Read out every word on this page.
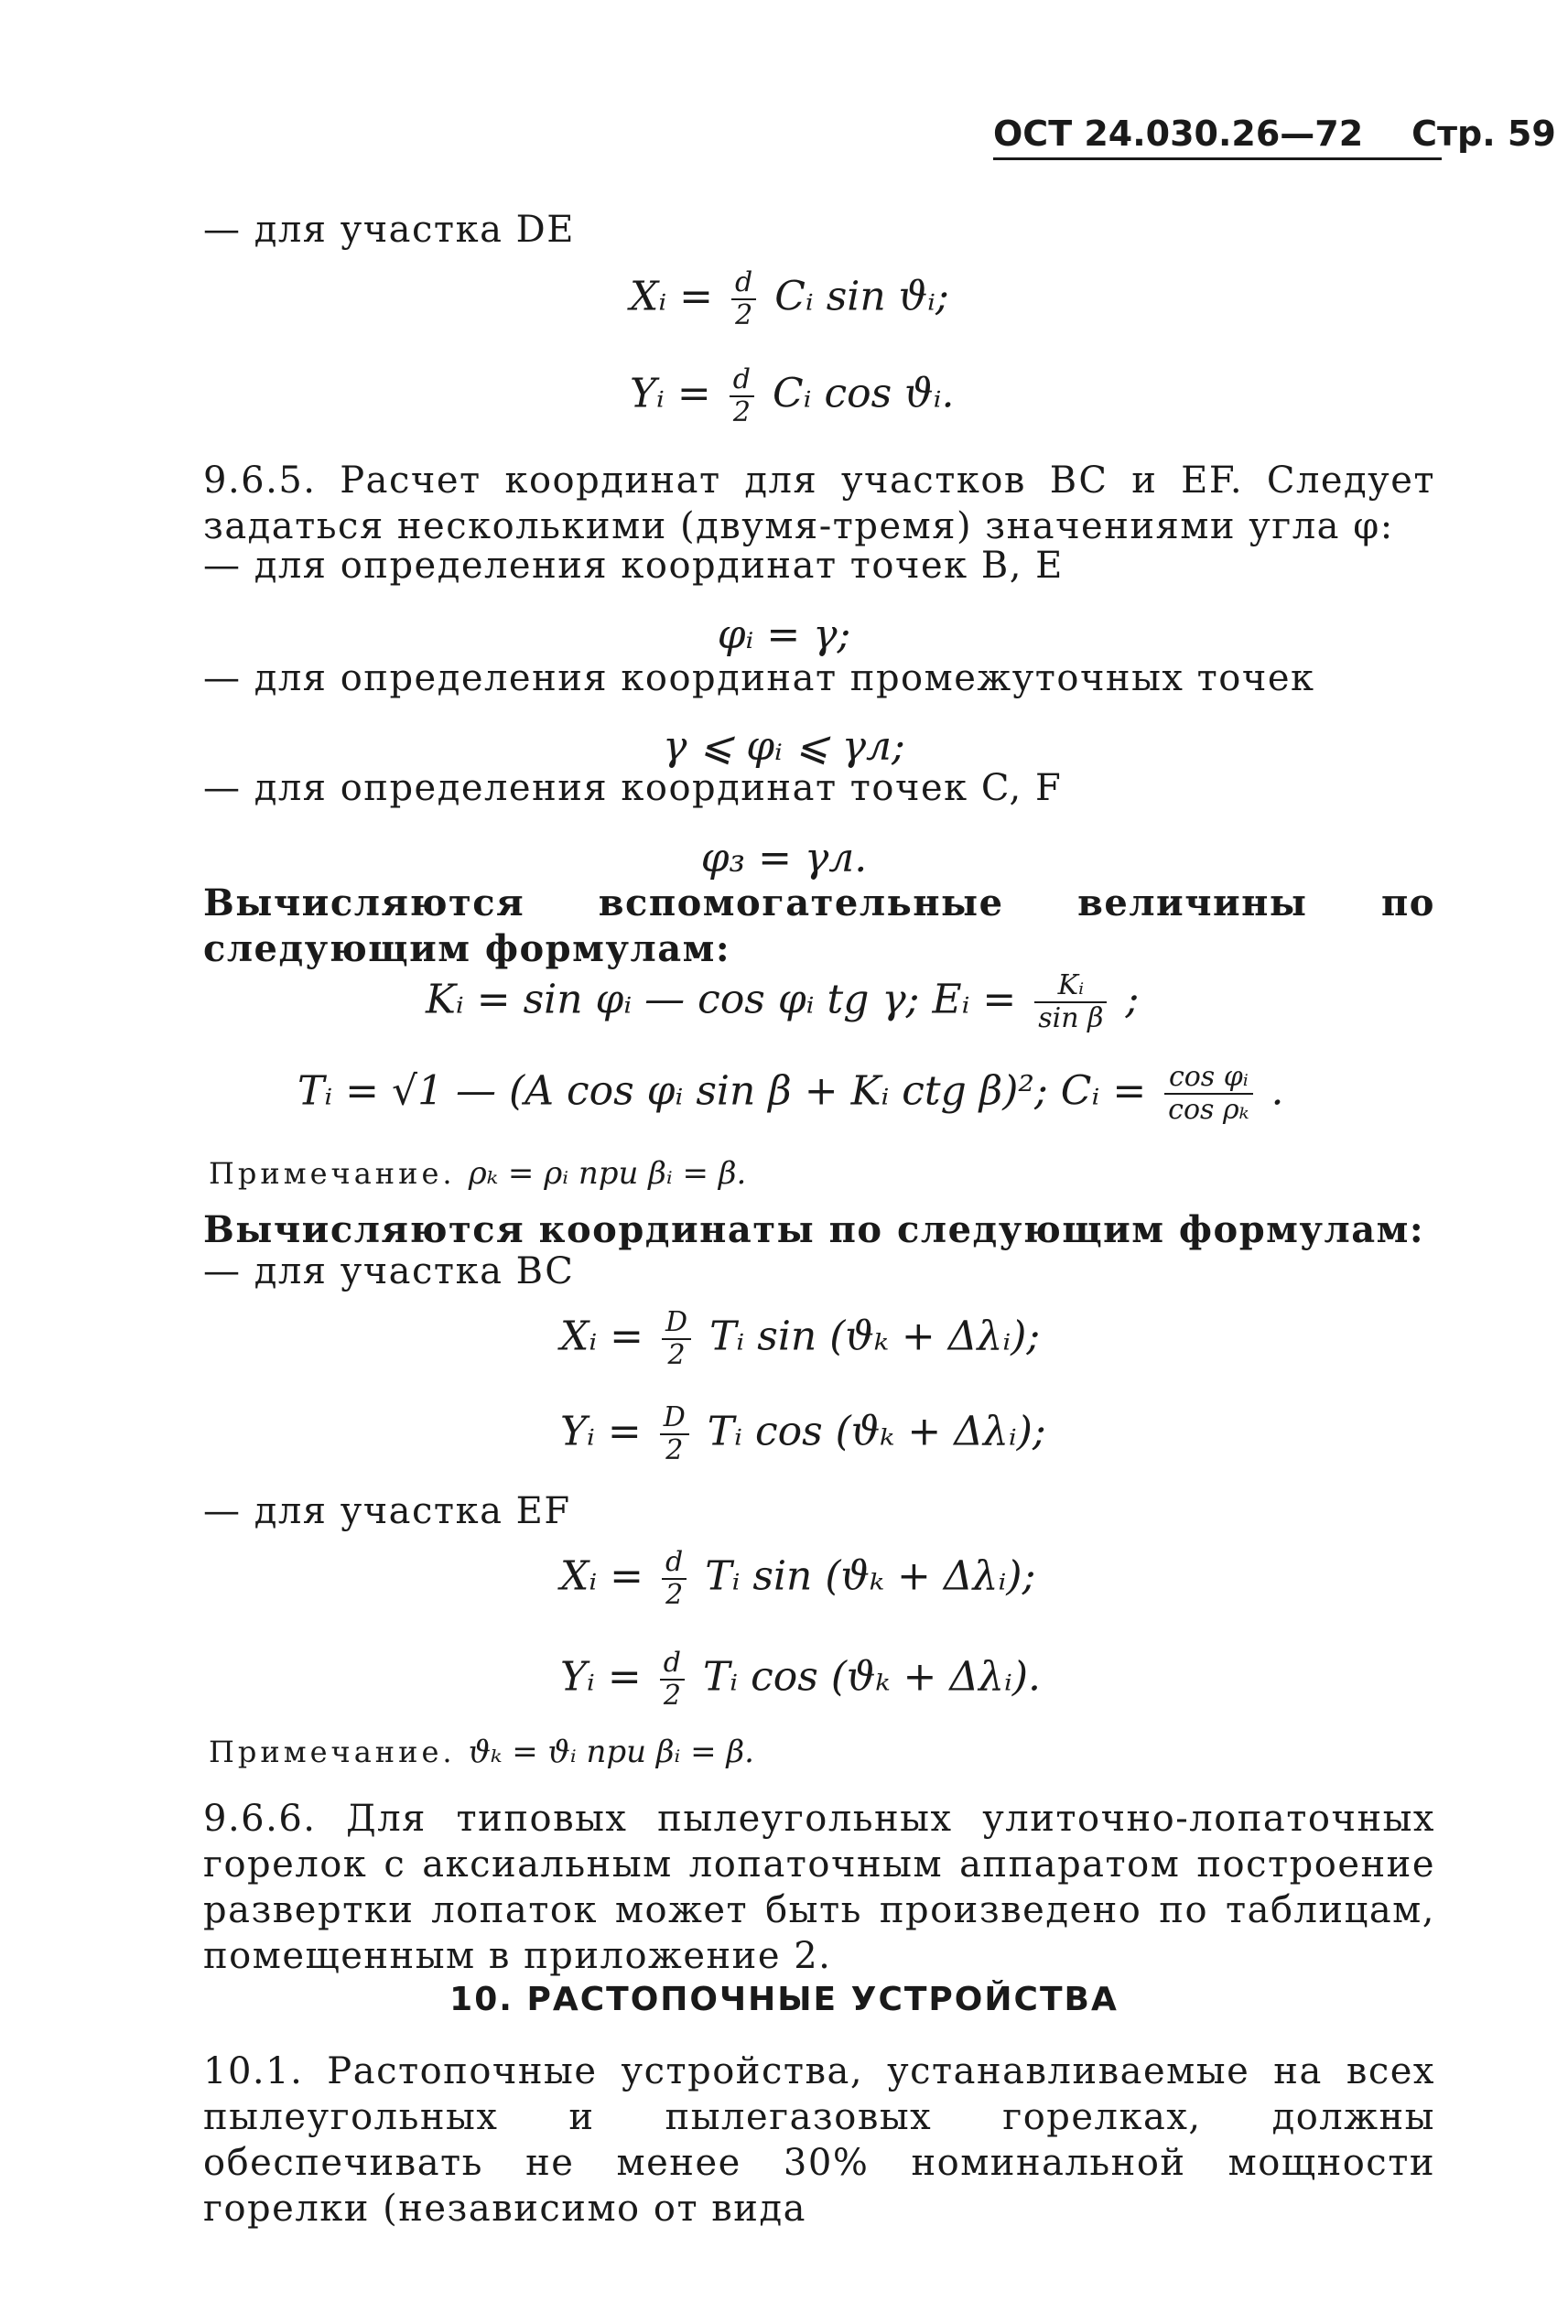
ОСТ 24.030.26—72 Стр. 59
— для участка DE
Xᵢ = $\frac{d}{2}$ Cᵢ sin ϑᵢ;
Yᵢ = $\frac{d}{2}$ Cᵢ cos ϑᵢ.
9.6.5. Расчет координат для участков BC и EF. Следует задаться несколькими (двумя-тремя) значениями угла φ:
— для определения координат точек B, E
φᵢ = γ;
— для определения координат промежуточных точек
γ ⩽ φᵢ ⩽ γл;
— для определения координат точек C, F
φ₃ = γл.
Вычисляются вспомогательные величины по следующим формулам:
Kᵢ = sin φᵢ — cos φᵢ tg γ; Eᵢ = $\frac{\text{Kᵢ}}{\text{sin β}}$ ;
Tᵢ = √1 — (A cos φᵢ sin β + Kᵢ ctg β)²; Cᵢ = $\frac{\text{cos φᵢ}}{\text{cos ρₖ}}$ .
Примечание. ρₖ = ρᵢ при βᵢ = β.
Вычисляются координаты по следующим формулам:
— для участка BC
Xᵢ = $\frac{D}{2}$ Tᵢ sin (ϑₖ + Δλᵢ);
Yᵢ = $\frac{D}{2}$ Tᵢ cos (ϑₖ + Δλᵢ);
— для участка EF
Xᵢ = $\frac{d}{2}$ Tᵢ sin (ϑₖ + Δλᵢ);
Yᵢ = $\frac{d}{2}$ Tᵢ cos (ϑₖ + Δλᵢ).
Примечание. ϑₖ = ϑᵢ при βᵢ = β.
9.6.6. Для типовых пылеугольных улиточно-лопаточных горелок с аксиальным лопаточным аппаратом построение развертки лопаток может быть произведено по таблицам, помещенным в приложение 2.
10. РАСТОПОЧНЫЕ УСТРОЙСТВА
10.1. Растопочные устройства, устанавливаемые на всех пылеугольных и пылегазовых горелках, должны обеспечивать не менее 30% номинальной мощности горелки (независимо от вида
